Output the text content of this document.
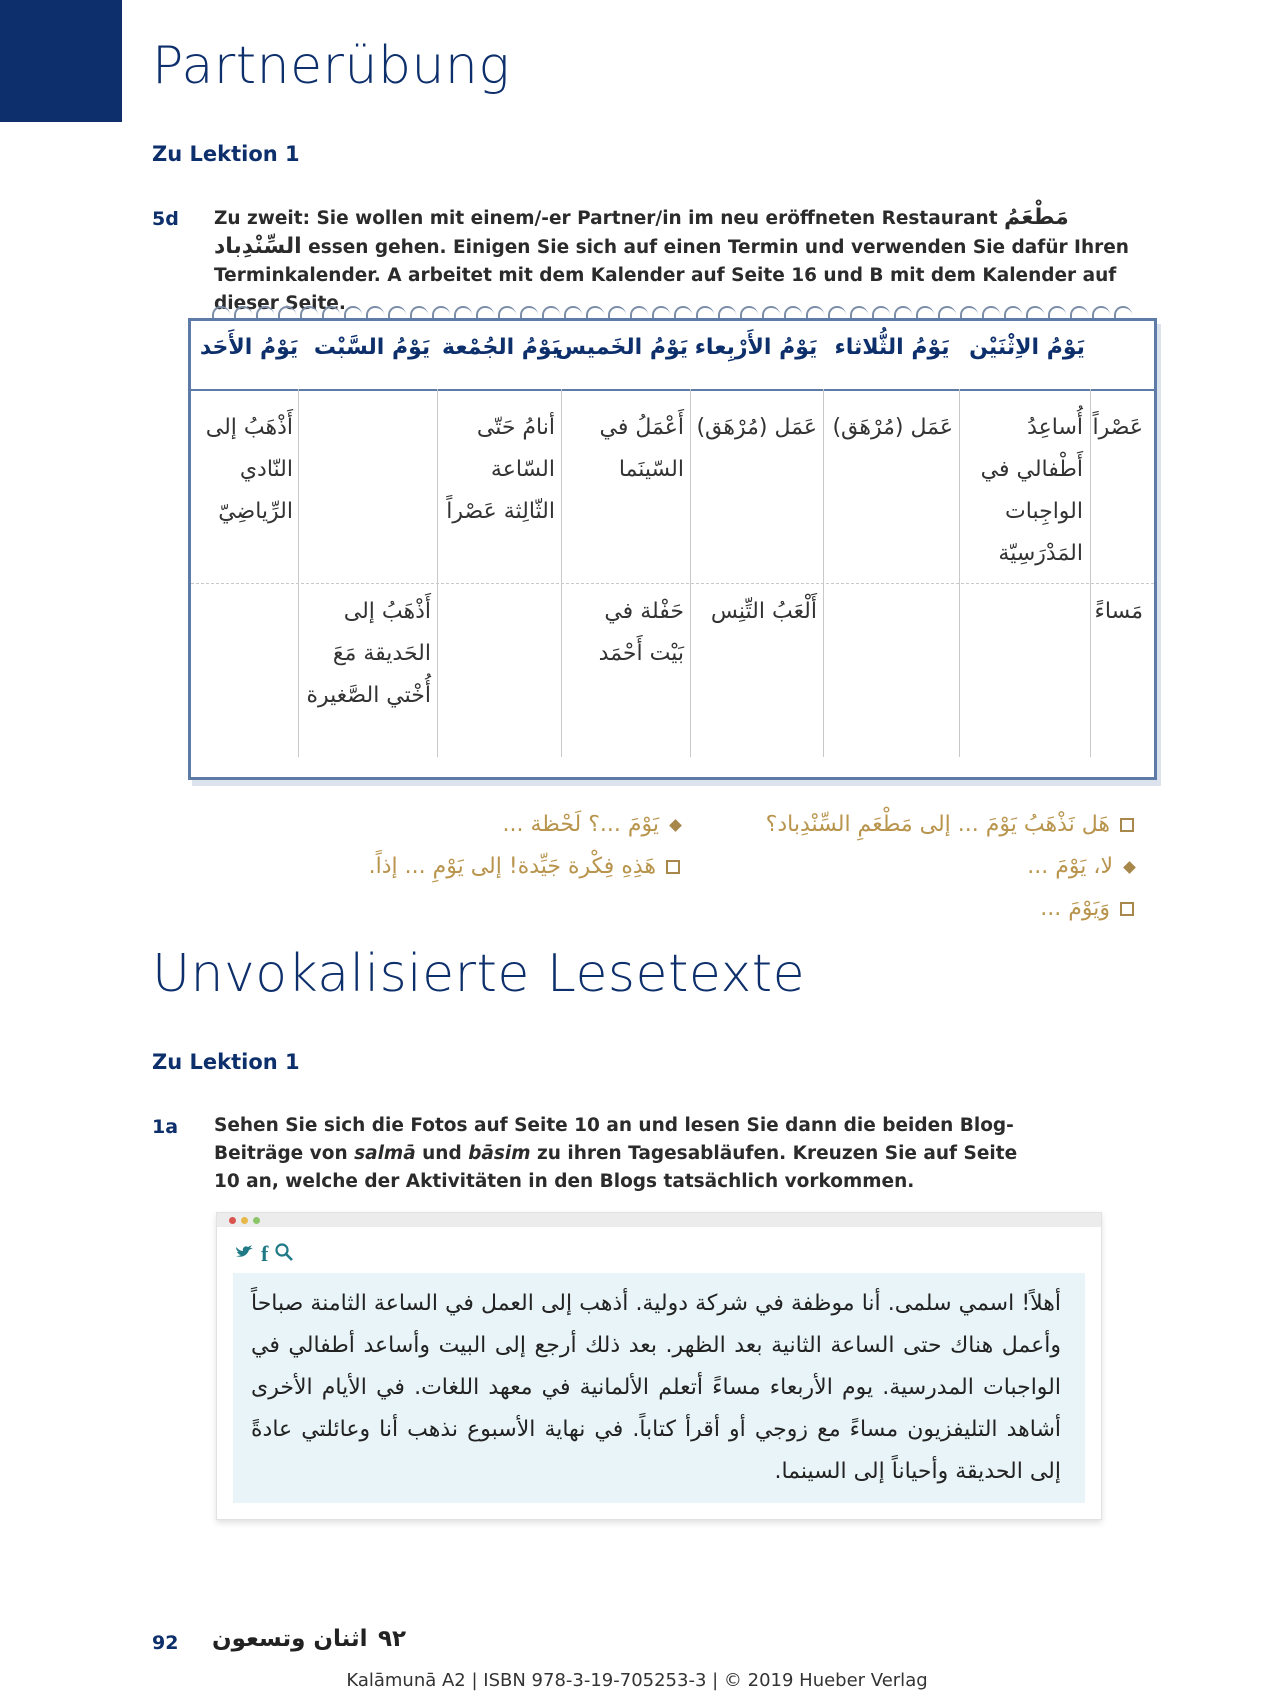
Partnerübung
Zu Lektion 1
5d Zu zweit: Sie wollen mit einem/-er Partner/in im neu eröffneten Restaurant مَطْعَمُ السِّنْدِباد essen gehen. Einigen Sie sich auf einen Termin und verwenden Sie dafür Ihren Terminkalender. A arbeitet mit dem Kalender auf Seite 16 und B mit dem Kalender auf dieser Seite.
يَوْمُ الاِثْنَيْن
يَوْمُ الثُّلاثاء
يَوْمُ الأَرْبِعاء
يَوْمُ الخَميس
يَوْمُ الجُمْعة
يَوْمُ السَّبْت
يَوْمُ الأَحَد
عَصْراً
أُساعِدُ أَطْفالي في الواجِبات المَدْرَسِيّة
عَمَل (مُرْهَق)
عَمَل (مُرْهَق)
أَعْمَلُ في السّينَما
أنامُ حَتّى السّاعة الثّالِثة عَصْراً
أَذْهَبُ إلى النّادي الرِّياضِيّ
مَساءً
أَلْعَبُ التِّنِس
حَفْلة في بَيْت أَحْمَد
أَذْهَبُ إلى الحَديقة مَعَ أُخْتي الصَّغيرة
هَل نَذْهَبُ يَوْمَ ... إلى مَطْعَمِ السِّنْدِباد؟
يَوْمَ ...؟ لَحْظة ...
لا، يَوْمَ ...
هَذِهِ فِكْرة جَيِّدة! إلى يَوْمِ ... إذاً.
وَيَوْمَ ...
Unvokalisierte Lesetexte
Zu Lektion 1
1a Sehen Sie sich die Fotos auf Seite 10 an und lesen Sie dann die beiden Blog-Beiträge von salmā und bāsim zu ihren Tagesabläufen. Kreuzen Sie auf Seite 10 an, welche der Aktivitäten in den Blogs tatsächlich vorkommen.
f
أهلاً! اسمي سلمى. أنا موظفة في شركة دولية. أذهب إلى العمل في الساعة الثامنة صباحاً وأعمل هناك حتى الساعة الثانية بعد الظهر. بعد ذلك أرجع إلى البيت وأساعد أطفالي في الواجبات المدرسية. يوم الأربعاء مساءً أتعلم الألمانية في معهد اللغات. في الأيام الأخرى أشاهد التليفزيون مساءً مع زوجي أو أقرأ كتاباً. في نهاية الأسبوع نذهب أنا وعائلتي عادةً إلى الحديقة وأحياناً إلى السينما.
92 اثنان وتسعون ٩٢
Kalāmunā A2 | ISBN 978-3-19-705253-3 | © 2019 Hueber Verlag
